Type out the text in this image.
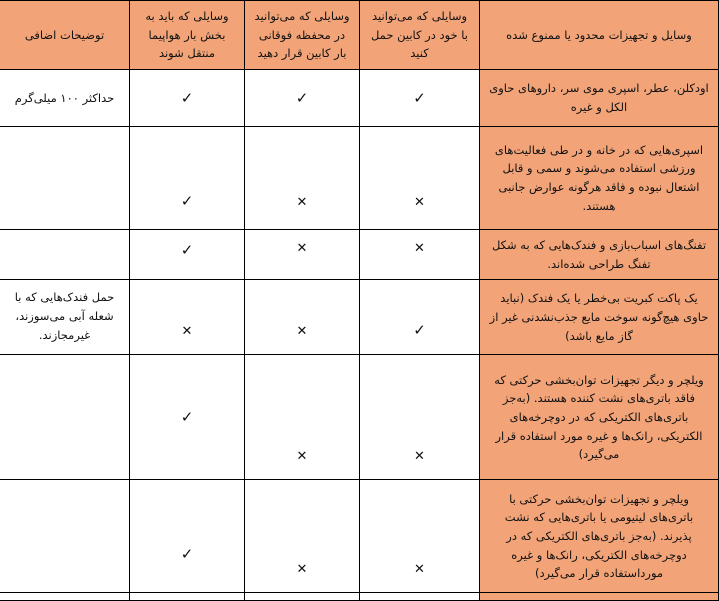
وسایل و تجهیزات محدود یا ممنوع شده	وسایلی که می‌توانید با خود در کابین حمل کنید	وسایلی که می‌توانید در محفظه فوقانی بار کابین قرار دهید	وسایلی که باید به بخش بار هواپیما منتقل شوند	توضیحات اضافی
اودکلن، عطر، اسپری موی سر، داروهای حاوی الکل و غیره	✓	✓	✓	حداکثر ۱۰۰ میلی‌گرم
اسپری‌هایی که در خانه و در طی فعالیت‌های ورزشی استفاده می‌شوند و سمی و قابل اشتعال نبوده و فاقد هرگونه عوارض جانبی هستند.	✕	✕	✓	
تفنگ‌های اسباب‌بازی و فندک‌هایی که به شکل تفنگ طراحی شده‌اند.	✕	✕	✓	
یک پاکت کبریت بی‌خطر یا یک فندک (نباید حاوی هیچ‌گونه سوخت مایع جذب‌نشدنی غیر از گاز مایع باشد)	✓	✕	✕	حمل فندک‌هایی که با شعله آبی می‌سوزند، غیرمجازند.
ویلچر و دیگر تجهیزات توان‌بخشی حرکتی که فاقد باتری‌های نشت کننده هستند. (به‌جز باتری‌های الکتریکی که در دوچرخه‌های الکتریکی، رانک‌ها و غیره مورد استفاده قرار می‌گیرد)	✕	✕	✓	
ویلچر و تجهیزات توان‌بخشی حرکتی با باتری‌های لیتیومی یا باتری‌هایی که نشت پذیرند. (به‌جز باتری‌های الکتریکی که در دوچرخه‌های الکتریکی، رانک‌ها و غیره مورداستفاده قرار می‌گیرد)	✕	✕	✓	
